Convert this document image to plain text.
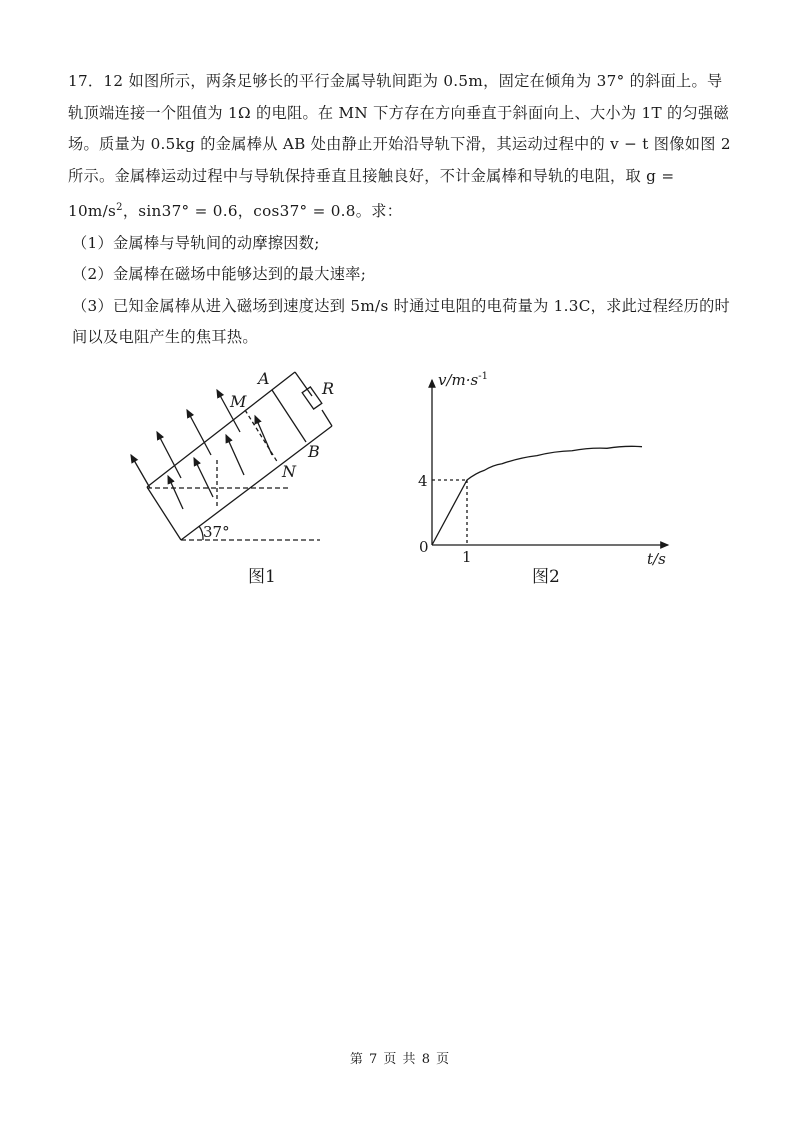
17．12 如图所示，两条足够长的平行金属导轨间距为 0.5m，固定在倾角为 37° 的斜面上。导轨顶端连接一个阻值为 1Ω 的电阻。在 MN 下方存在方向垂直于斜面向上、大小为 1T 的匀强磁场。质量为 0.5kg 的金属棒从 AB 处由静止开始沿导轨下滑，其运动过程中的 v − t 图像如图 2 所示。金属棒运动过程中与导轨保持垂直且接触良好，不计金属棒和导轨的电阻，取 $g = 10m/s^2$，sin37° = 0.6，cos37° = 0.8。求：

（1）金属棒与导轨间的动摩擦因数;

（2）金属棒在磁场中能够达到的最大速率;

（3）已知金属棒从进入磁场到速度达到 5m/s 时通过电阻的电荷量为 1.3C，求此过程经历的时间以及电阻产生的焦耳热。

A
R
M
B
N
37°
$v/m\cdot s^{-1}$
t/s
4
1
0
图1	图2
第 7 页 共 8 页
